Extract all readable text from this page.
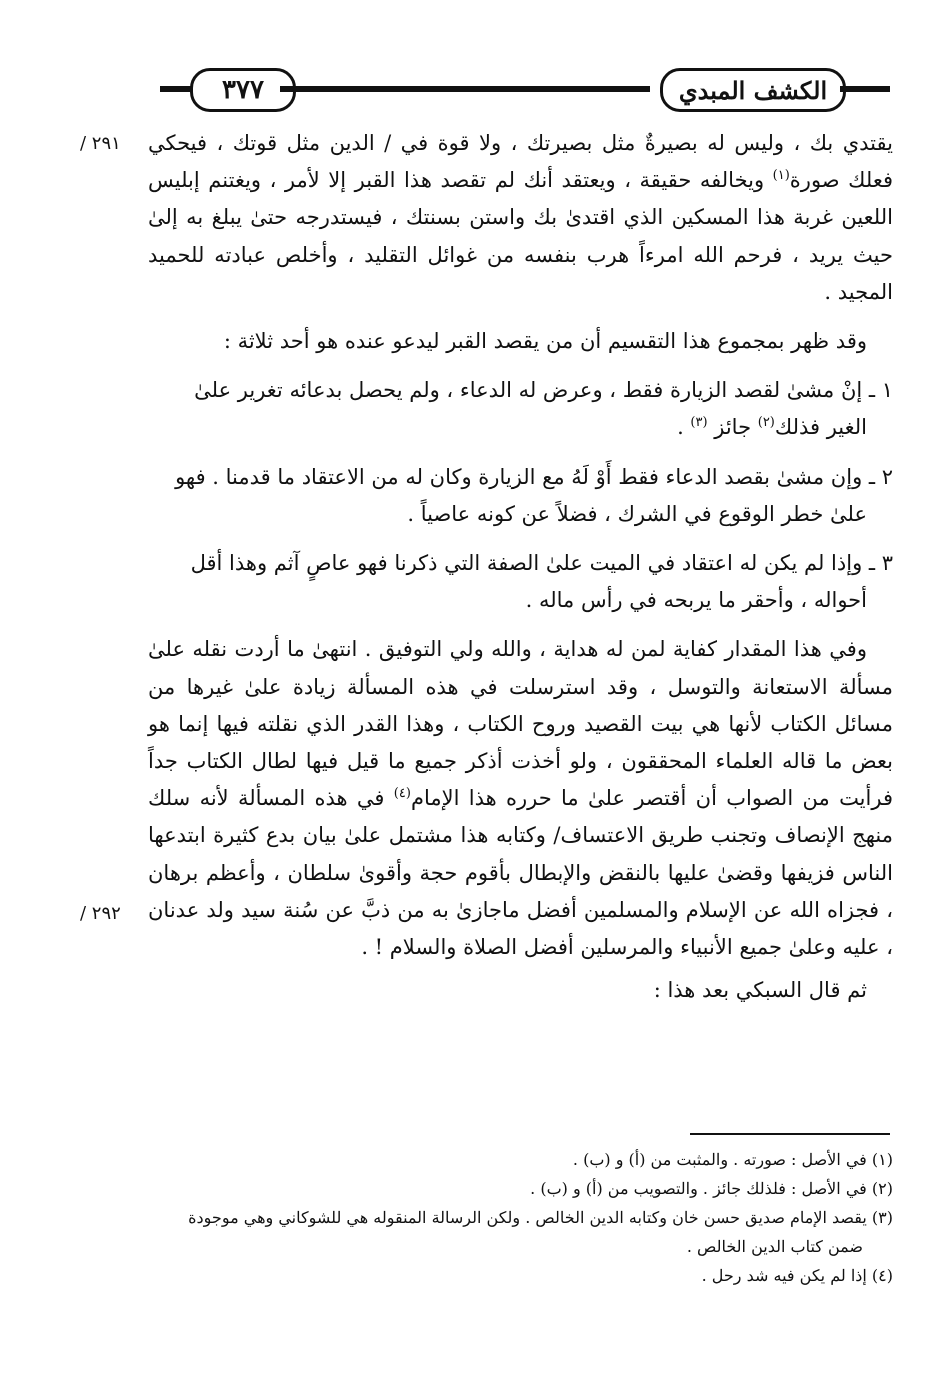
٣٧٧	الكشف المبدي
/ ٢٩١
/ ٢٩٢

يقتدي بك ، وليس له بصيرةٌ مثل بصيرتك ، ولا قوة في / الدين مثل قوتك ، فيحكي فعلك صورة$^{(١)}$ ويخالفه حقيقة ، ويعتقد أنك لم تقصد هذا القبر إلا لأمر ، ويغتنم إبليس اللعين غربة هذا المسكين الذي اقتدىٰ بك واستن بسنتك ، فيستدرجه حتىٰ يبلغ به إلىٰ حيث يريد ، فرحم الله امرءاً هرب بنفسه من غوائل التقليد ، وأخلص عبادته للحميد المجيد .

وقد ظهر بمجموع هذا التقسيم أن من يقصد القبر ليدعو عنده هو أحد ثلاثة :

١ ـ إنْ مشىٰ لقصد الزيارة فقط ، وعرض له الدعاء ، ولم يحصل بدعائه تغرير علىٰ
الغير فذلك$^{(٢)}$ جائز $^{(٣)}$ .
٢ ـ وإن مشىٰ بقصد الدعاء فقط أَوْ لَهُ مع الزيارة وكان له من الاعتقاد ما قدمنا . فهو
علىٰ خطر الوقوع في الشرك ، فضلاً عن كونه عاصياً .
٣ ـ وإذا لم يكن له اعتقاد في الميت علىٰ الصفة التي ذكرنا فهو عاصٍ آثم وهذا أقل
أحواله ، وأحقر ما يربحه في رأس ماله .

وفي هذا المقدار كفاية لمن له هداية ، والله ولي التوفيق . انتهىٰ ما أردت نقله علىٰ مسألة الاستعانة والتوسل ، وقد استرسلت في هذه المسألة زيادة علىٰ غيرها من مسائل الكتاب لأنها هي بيت القصيد وروح الكتاب ، وهذا القدر الذي نقلته فيها إنما هو بعض ما قاله العلماء المحققون ، ولو أخذت أذكر جميع ما قيل فيها لطال الكتاب جداً فرأيت من الصواب أن أقتصر علىٰ ما حرره هذا الإمام$^{(٤)}$ في هذه المسألة لأنه سلك منهج الإنصاف وتجنب طريق الاعتساف/ وكتابه هذا مشتمل علىٰ بيان بدع كثيرة ابتدعها الناس فزيفها وقضىٰ عليها بالنقض والإبطال بأقوم حجة وأقوىٰ سلطان ، وأعظم برهان ، فجزاه الله عن الإسلام والمسلمين أفضل ماجازىٰ به من ذبَّ عن سُنة سيد ولد عدنان ، عليه وعلىٰ جميع الأنبياء والمرسلين أفضل الصلاة والسلام ! .

ثم قال السبكي بعد هذا :

(١) في الأصل : صورته . والمثبت من (أ) و (ب) .

(٢) في الأصل : فلذلك جائز . والتصويب من (أ) و (ب) .

(٣) يقصد الإمام صديق حسن خان وكتابه الدين الخالص . ولكن الرسالة المنقوله هي للشوكاني وهي موجودة

ضمن كتاب الدين الخالص .

(٤) إذا لم يكن فيه شد رحل .
